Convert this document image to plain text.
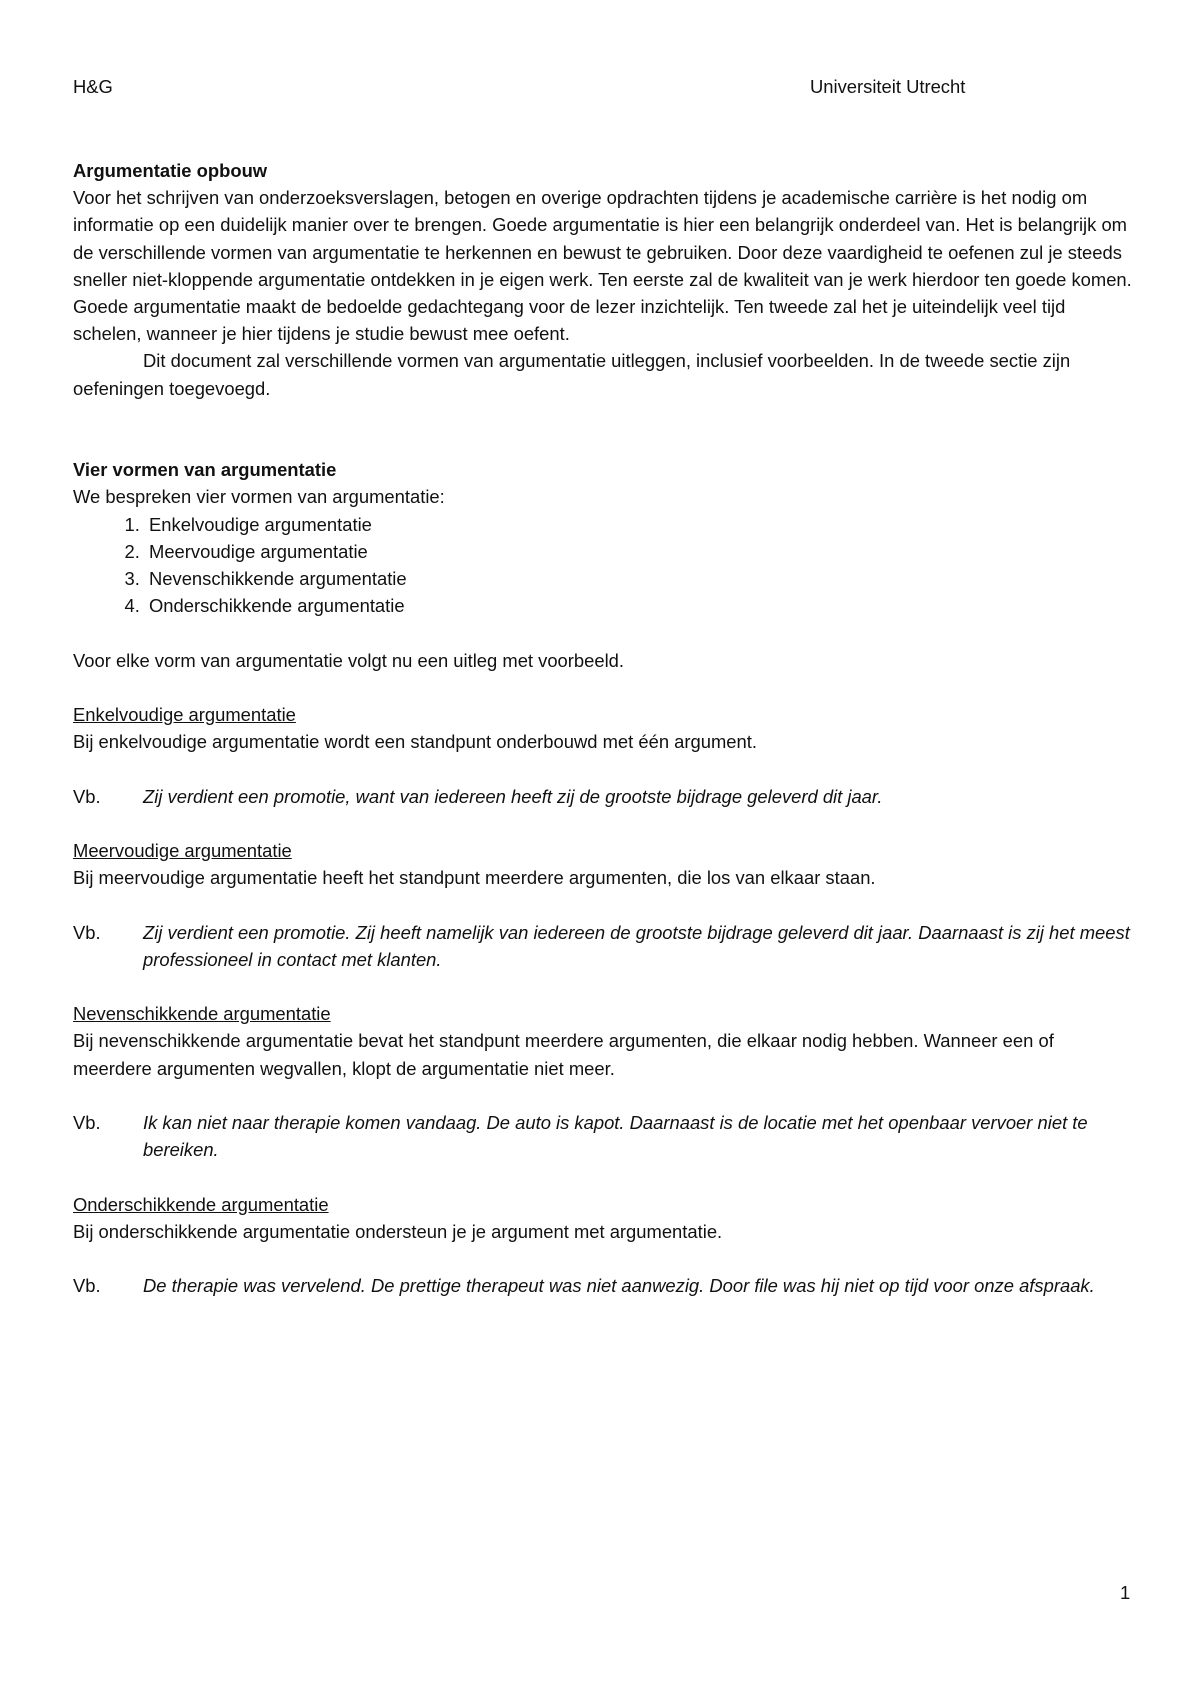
H&G	Universiteit Utrecht

Argumentatie opbouw

Voor het schrijven van onderzoeksverslagen, betogen en overige opdrachten tijdens je academische carrière is het nodig om informatie op een duidelijk manier over te brengen. Goede argumentatie is hier een belangrijk onderdeel van. Het is belangrijk om de verschillende vormen van argumentatie te herkennen en bewust te gebruiken. Door deze vaardigheid te oefenen zul je steeds sneller niet-kloppende argumentatie ontdekken in je eigen werk. Ten eerste zal de kwaliteit van je werk hierdoor ten goede komen. Goede argumentatie maakt de bedoelde gedachtegang voor de lezer inzichtelijk. Ten tweede zal het je uiteindelijk veel tijd schelen, wanneer je hier tijdens je studie bewust mee oefent.

Dit document zal verschillende vormen van argumentatie uitleggen, inclusief voorbeelden. In de tweede sectie zijn oefeningen toegevoegd.

Vier vormen van argumentatie

We bespreken vier vormen van argumentatie:

1. Enkelvoudige argumentatie
2. Meervoudige argumentatie
3. Nevenschikkende argumentatie
4. Onderschikkende argumentatie

Voor elke vorm van argumentatie volgt nu een uitleg met voorbeeld.

Enkelvoudige argumentatie

Bij enkelvoudige argumentatie wordt een standpunt onderbouwd met één argument.

Vb.	Zij verdient een promotie, want van iedereen heeft zij de grootste bijdrage geleverd dit jaar.

Meervoudige argumentatie

Bij meervoudige argumentatie heeft het standpunt meerdere argumenten, die los van elkaar staan.

Vb.	Zij verdient een promotie. Zij heeft namelijk van iedereen de grootste bijdrage geleverd dit jaar. Daarnaast is zij het meest professioneel in contact met klanten.

Nevenschikkende argumentatie

Bij nevenschikkende argumentatie bevat het standpunt meerdere argumenten, die elkaar nodig hebben. Wanneer een of meerdere argumenten wegvallen, klopt de argumentatie niet meer.

Vb.	Ik kan niet naar therapie komen vandaag. De auto is kapot. Daarnaast is de locatie met het openbaar vervoer niet te bereiken.

Onderschikkende argumentatie

Bij onderschikkende argumentatie ondersteun je je argument met argumentatie.

Vb.	De therapie was vervelend. De prettige therapeut was niet aanwezig. Door file was hij niet op tijd voor onze afspraak.
1
